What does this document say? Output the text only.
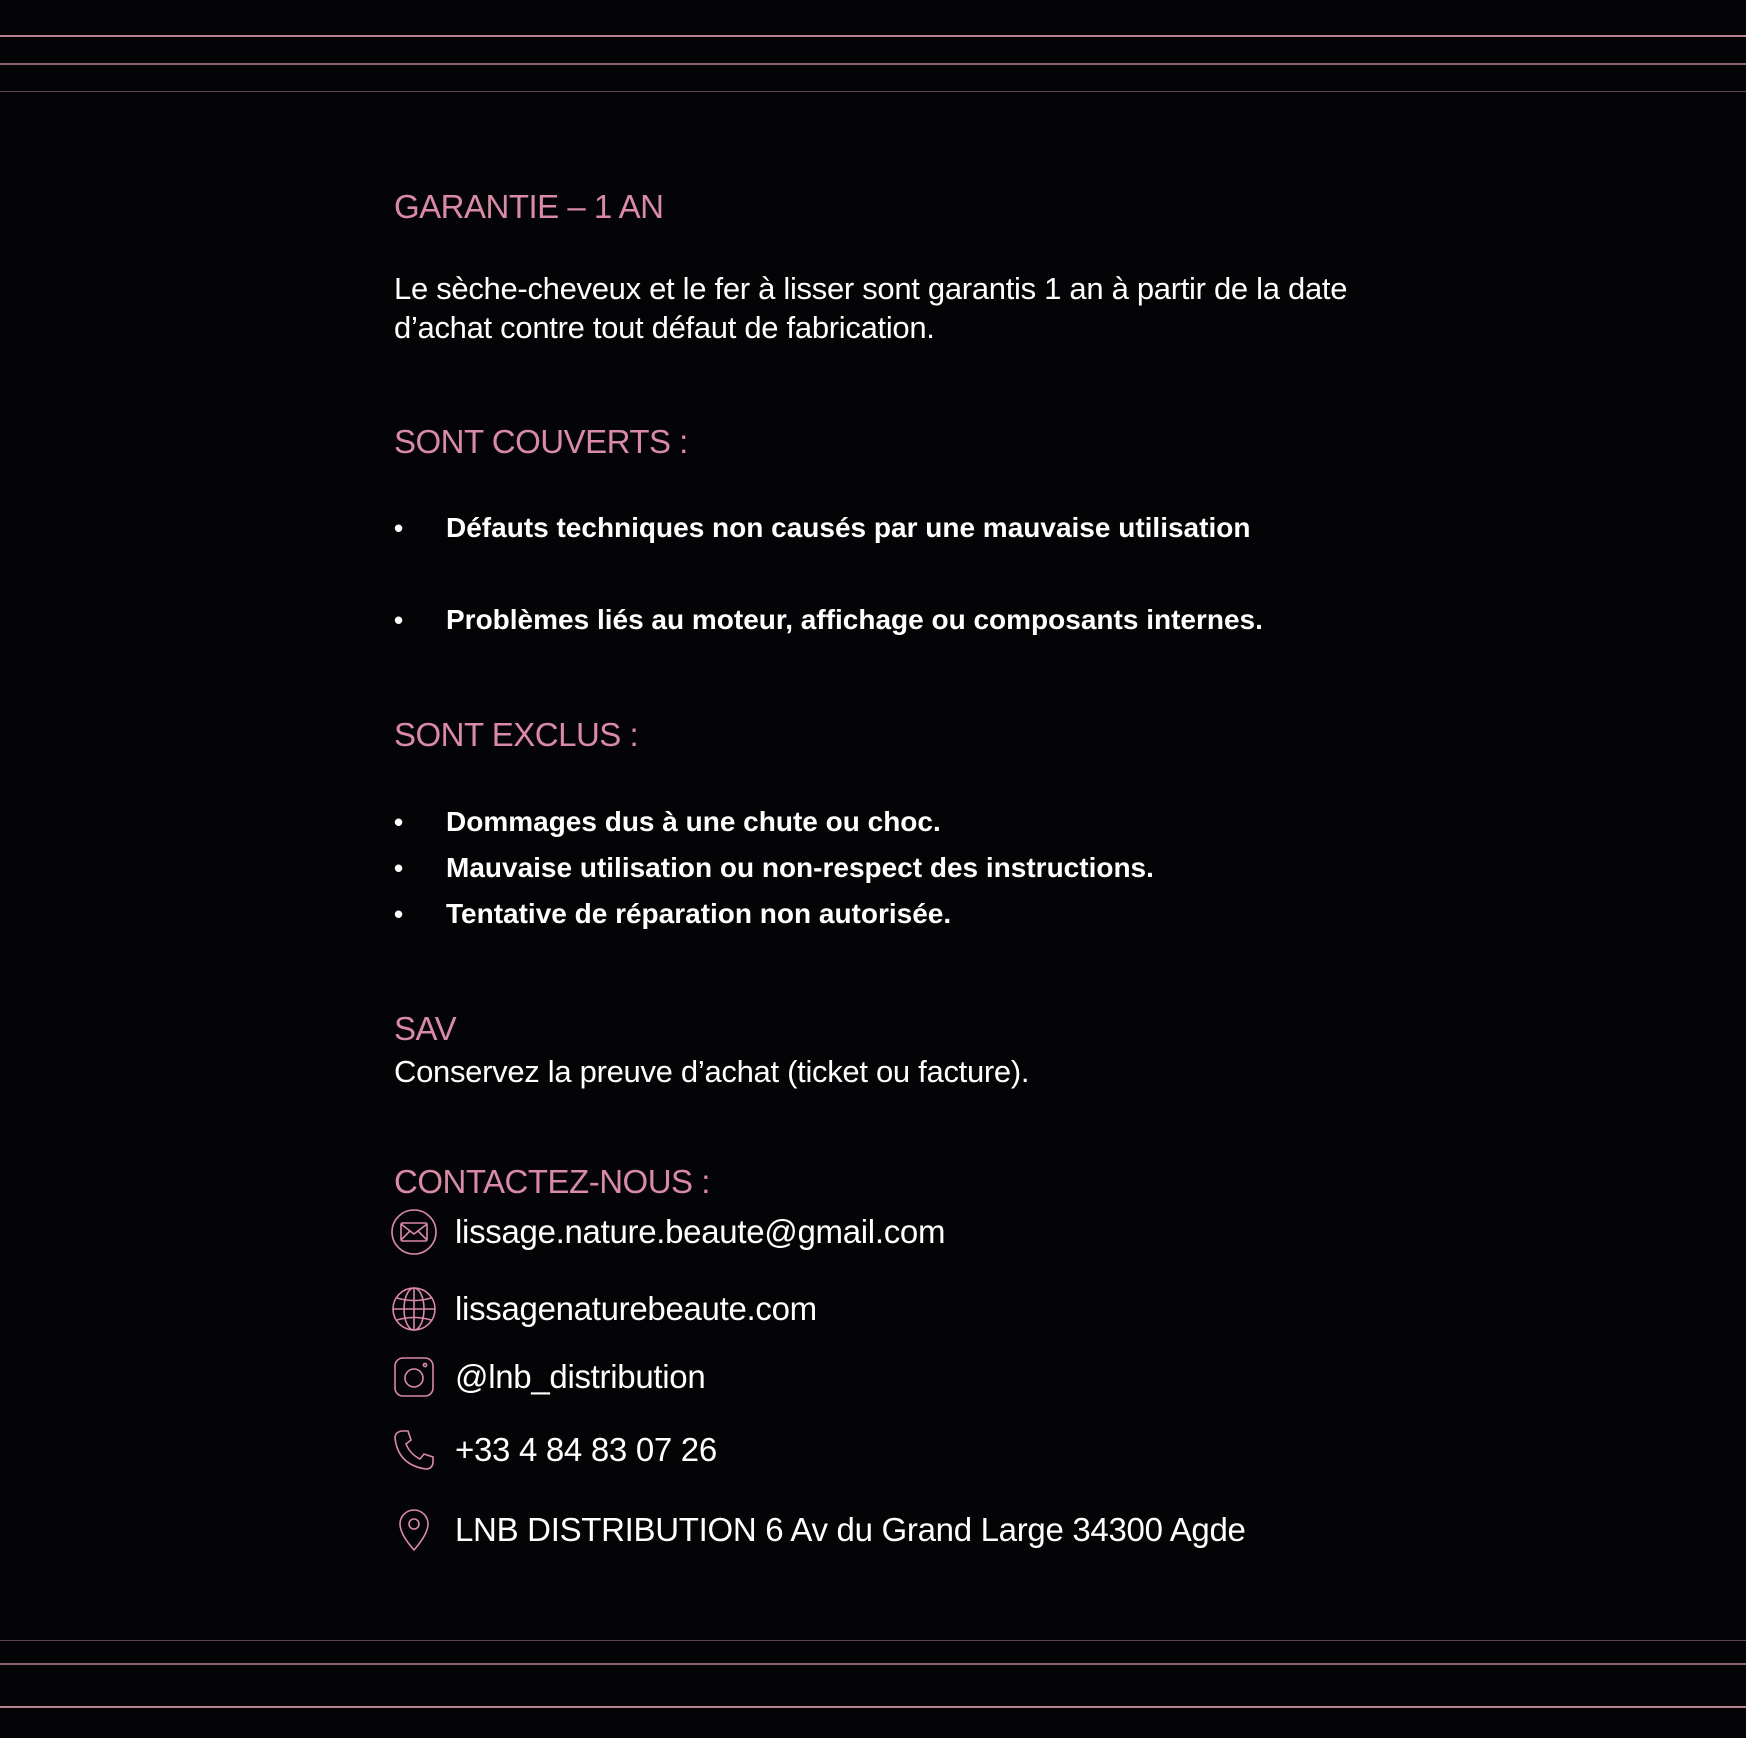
GARANTIE – 1 AN

Le sèche-cheveux et le fer à lisser sont garantis 1 an à partir de la date d’achat contre tout défaut de fabrication.

SONT COUVERTS :
•	Défauts techniques non causés par une mauvaise utilisation
•	Problèmes liés au moteur, affichage ou composants internes.
SONT EXCLUS :
•	Dommages dus à une chute ou choc.
•	Mauvaise utilisation ou non-respect des instructions.
•	Tentative de réparation non autorisée.
SAV

Conservez la preuve d’achat (ticket ou facture).

CONTACTEZ-NOUS :
lissage.nature.beaute@gmail.com
lissagenaturebeaute.com
@lnb_distribution
+33 4 84 83 07 26
LNB DISTRIBUTION 6 Av du Grand Large 34300 Agde
